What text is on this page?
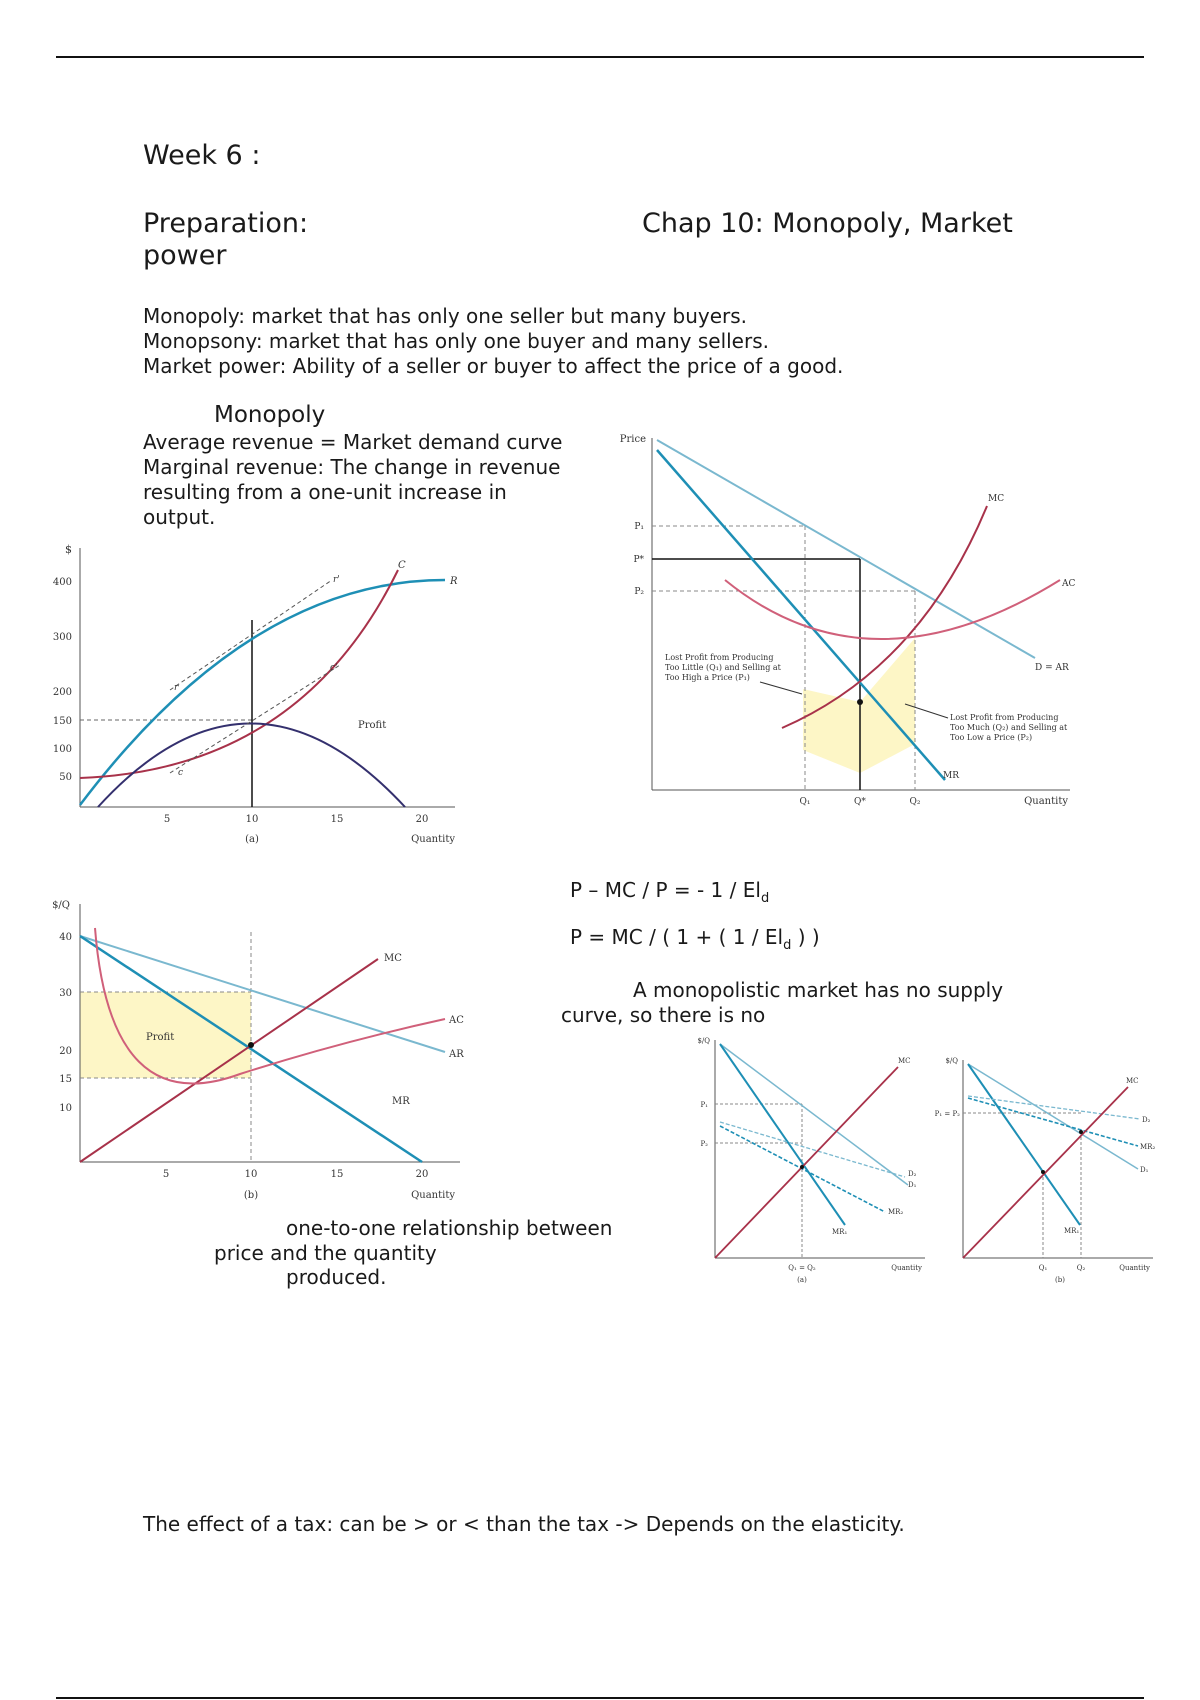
Week 6 :
Preparation:
power
Chap 10: Monopoly, Market
Monopoly: market that has only one seller but many buyers.
Monopsony: market that has only one buyer and many sellers.
Market power: Ability of a seller or buyer to affect the price of a good.
Monopoly
Average revenue = Market demand curve
Marginal revenue: The change in revenue
resulting from a one-unit increase in
output.
P – MC / P = - $1 / El_d$
P = MC / ( 1 + ( $1 / El_d$ ) )
A monopolistic market has no supply
curve, so there is no
one-to-one relationship between
price and the quantity
produced.
The effect of a tax: can be > or < than the tax -> Depends on the elasticity.
$
400
300
200
150
100
50
5	10	15	20
(a)	Quantity
R
C
Profit
r'
r
c
c'
Price
Quantity
P₁
P*
P₂
Q₁	Q*	Q₂
MC
AC
D = AR
MR
Lost Profit from Producing
Too Little (Q₁) and Selling at
Too High a Price (P₁)
Lost Profit from Producing
Too Much (Q₂) and Selling at
Too Low a Price (P₂)
$/Q
40
30
20
15
10
5	10	15	20
(b)	Quantity
MC
AC
AR
MR
Profit	$/Q
Quantity
(a)
P₁
P₂
Q₁ = Q₂
MC
D₂
D₁
MR₂
MR₁
$/Q
Quantity
(b)
P₁ = P₂
Q₁	Q₂
MC
D₂
MR₂
D₁
MR₁
